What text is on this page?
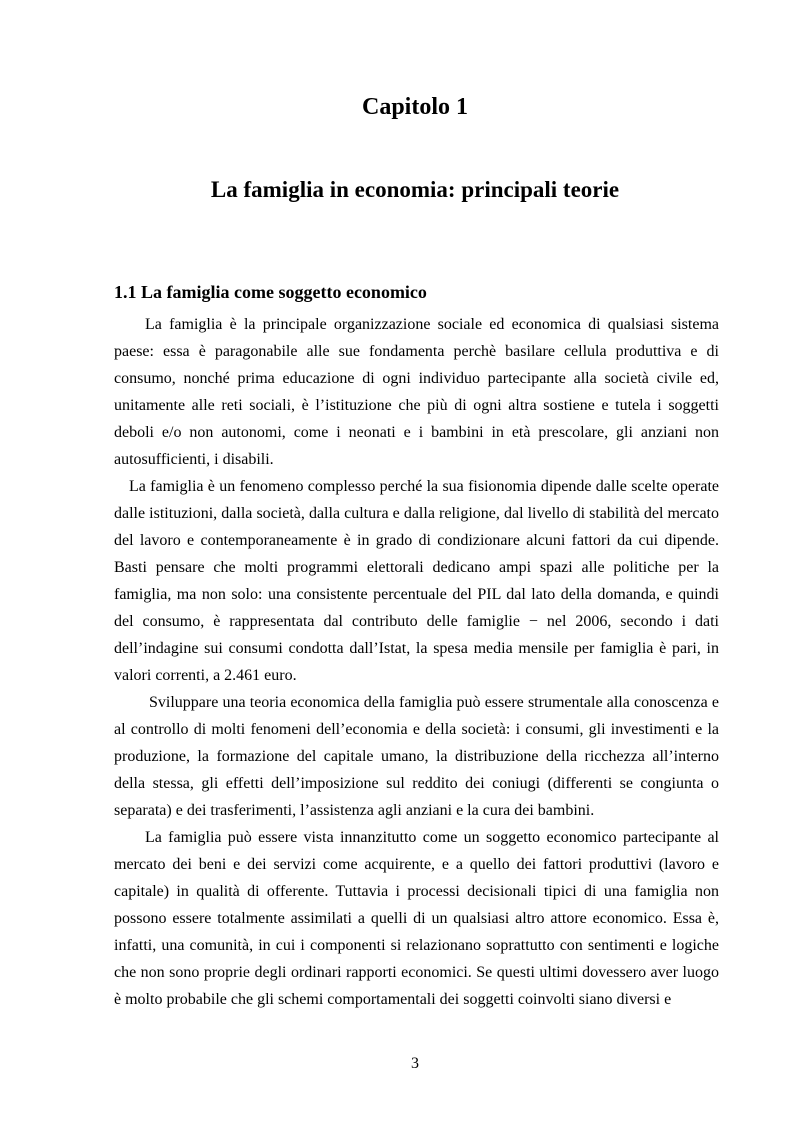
Capitolo 1
La famiglia in economia: principali teorie
1.1 La famiglia come soggetto economico

La famiglia è la principale organizzazione sociale ed economica di qualsiasi sistema paese: essa è paragonabile alle sue fondamenta perchè basilare cellula produttiva e di consumo, nonché prima educazione di ogni individuo partecipante alla società civile ed, unitamente alle reti sociali, è l’istituzione che più di ogni altra sostiene e tutela i soggetti deboli e/o non autonomi, come i neonati e i bambini in età prescolare, gli anziani non autosufficienti, i disabili.

La famiglia è un fenomeno complesso perché la sua fisionomia dipende dalle scelte operate dalle istituzioni, dalla società, dalla cultura e dalla religione, dal livello di stabilità del mercato del lavoro e contemporaneamente è in grado di condizionare alcuni fattori da cui dipende. Basti pensare che molti programmi elettorali dedicano ampi spazi alle politiche per la famiglia, ma non solo: una consistente percentuale del PIL dal lato della domanda, e quindi del consumo, è rappresentata dal contributo delle famiglie − nel 2006, secondo i dati dell’indagine sui consumi condotta dall’Istat, la spesa media mensile per famiglia è pari, in valori correnti, a 2.461 euro.

Sviluppare una teoria economica della famiglia può essere strumentale alla conoscenza e al controllo di molti fenomeni dell’economia e della società: i consumi, gli investimenti e la produzione, la formazione del capitale umano, la distribuzione della ricchezza all’interno della stessa, gli effetti dell’imposizione sul reddito dei coniugi (differenti se congiunta o separata) e dei trasferimenti, l’assistenza agli anziani e la cura dei bambini.

La famiglia può essere vista innanzitutto come un soggetto economico partecipante al mercato dei beni e dei servizi come acquirente, e a quello dei fattori produttivi (lavoro e capitale) in qualità di offerente. Tuttavia i processi decisionali tipici di una famiglia non possono essere totalmente assimilati a quelli di un qualsiasi altro attore economico. Essa è, infatti, una comunità, in cui i componenti si relazionano soprattutto con sentimenti e logiche che non sono proprie degli ordinari rapporti economici. Se questi ultimi dovessero aver luogo è molto probabile che gli schemi comportamentali dei soggetti coinvolti siano diversi e

3
